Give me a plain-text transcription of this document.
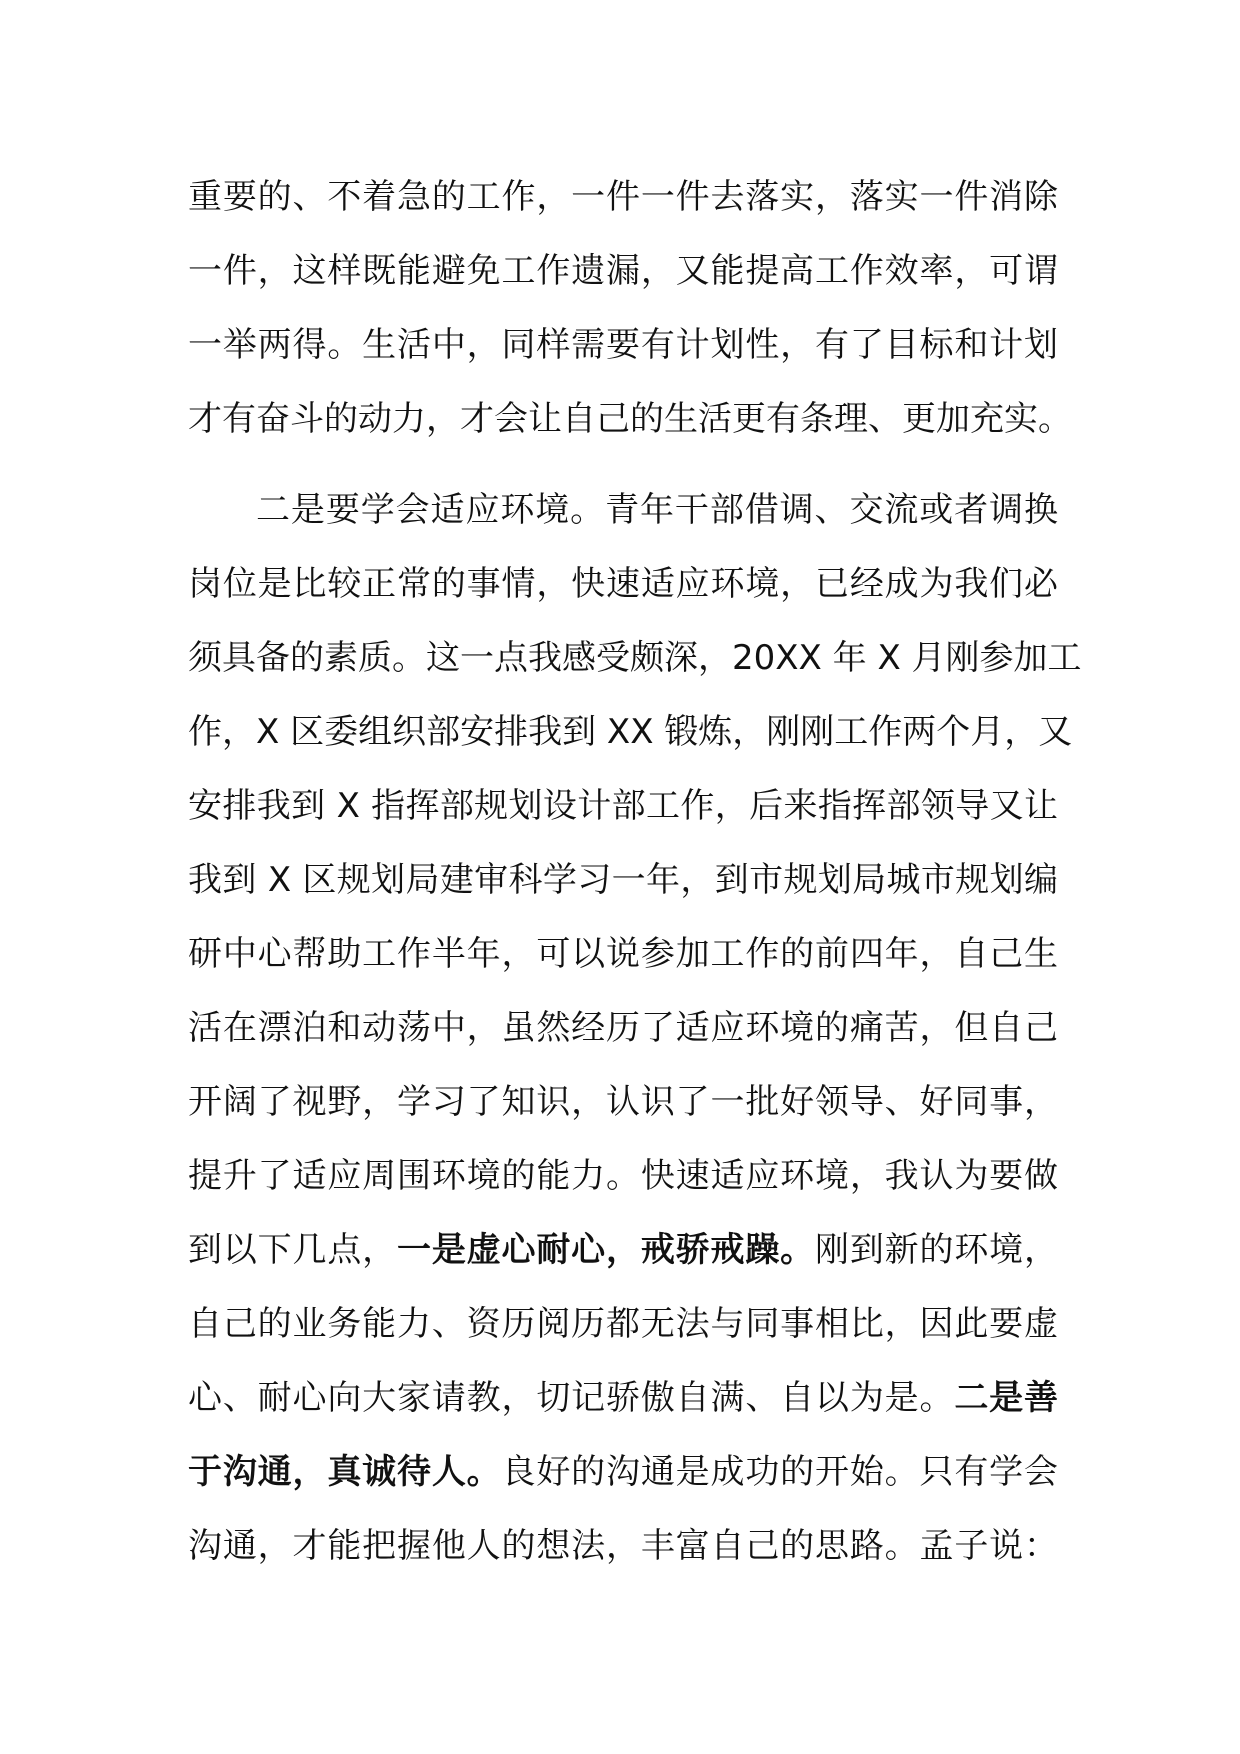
重要的、不着急的工作，一件一件去落实，落实一件消除
一件，这样既能避免工作遗漏，又能提高工作效率，可谓
一举两得。生活中，同样需要有计划性，有了目标和计划
才有奋斗的动力，才会让自己的生活更有条理、更加充实。
二是要学会适应环境。青年干部借调、交流或者调换
岗位是比较正常的事情，快速适应环境，已经成为我们必
须具备的素质。这一点我感受颇深，20XX 年 X 月刚参加工
作，X 区委组织部安排我到 XX 锻炼，刚刚工作两个月，又
安排我到 X 指挥部规划设计部工作，后来指挥部领导又让
我到 X 区规划局建审科学习一年，到市规划局城市规划编
研中心帮助工作半年，可以说参加工作的前四年，自己生
活在漂泊和动荡中，虽然经历了适应环境的痛苦，但自己
开阔了视野，学习了知识，认识了一批好领导、好同事，
提升了适应周围环境的能力。快速适应环境，我认为要做
到以下几点，一是虚心耐心，戒骄戒躁。刚到新的环境，
自己的业务能力、资历阅历都无法与同事相比，因此要虚
心、耐心向大家请教，切记骄傲自满、自以为是。二是善
于沟通，真诚待人。良好的沟通是成功的开始。只有学会
沟通，才能把握他人的想法，丰富自己的思路。孟子说：
